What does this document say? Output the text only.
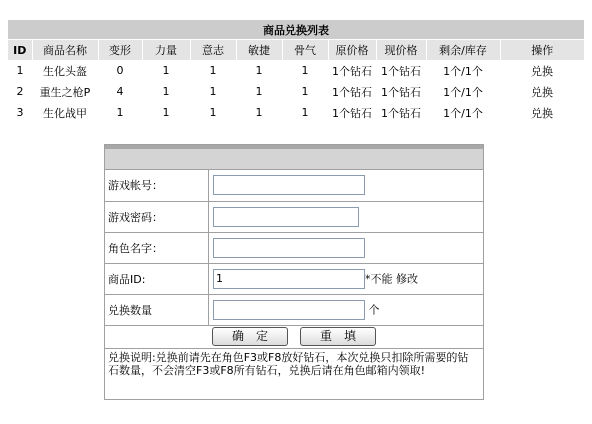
商品兑换列表										
ID	商品名称	变形	力量	意志	敏捷	骨气	原价格	现价格	剩余/库存	操作
1	生化头盔	0	1	1	1	1	1个钻石	1个钻石	1个/1个	兑换
2	重生之枪P	4	1	1	1	1	1个钻石	1个钻石	1个/1个	兑换
3	生化战甲	1	1	1	1	1	1个钻石	1个钻石	1个/1个	兑换
游戏帐号：	
游戏密码：	
角色名字：	
商品ID:	1*不能 修改
兑换数量	个
确　定 重　填	
兑换说明:兑换前请先在角色F3或F8放好钻石，本次兑换只扣除所需要的钻 石数量，不会清空F3或F8所有钻石，兑换后请在角色邮箱内领取!
